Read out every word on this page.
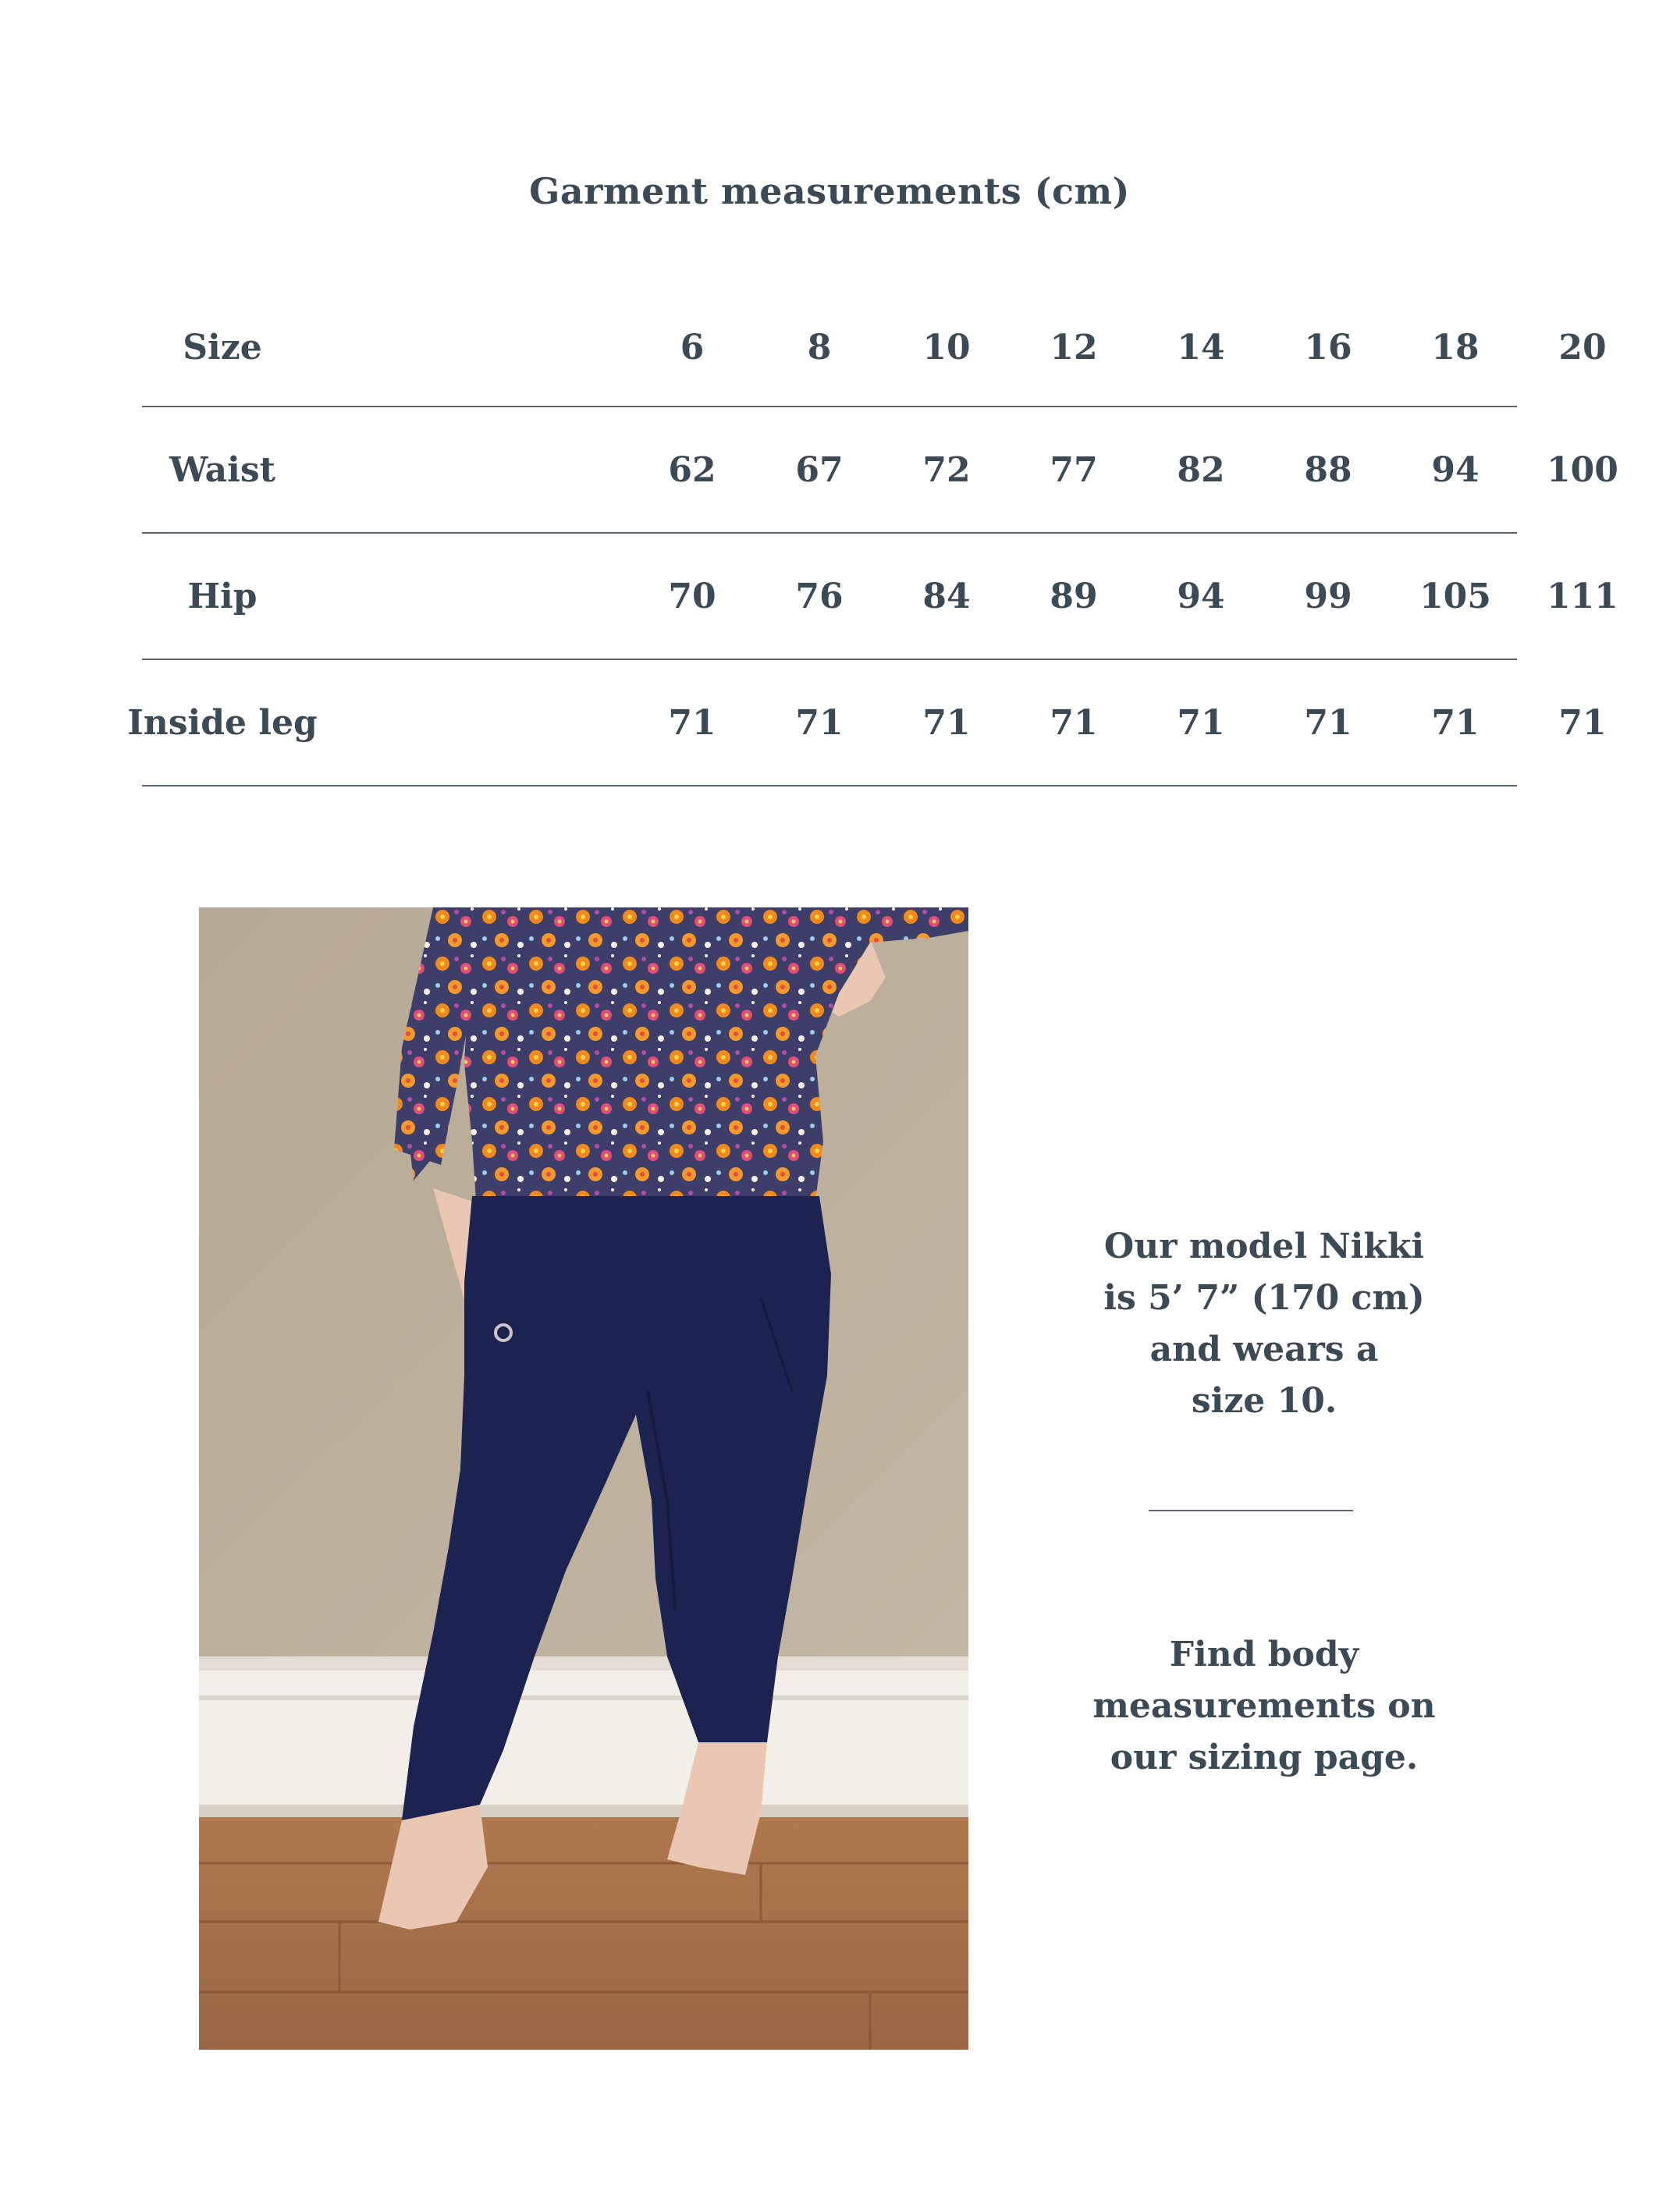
Garment measurements (cm)
Size	6	8	10	12	14	16	18	20
Waist	62	67	72	77	82	88	94	100
Hip	70	76	84	89	94	99	105	111
Inside leg	71	71	71	71	71	71	71	71
Our model Nikki
is 5’ 7” (170 cm)
and wears a
size 10.
Find body
measurements on
our sizing page.
